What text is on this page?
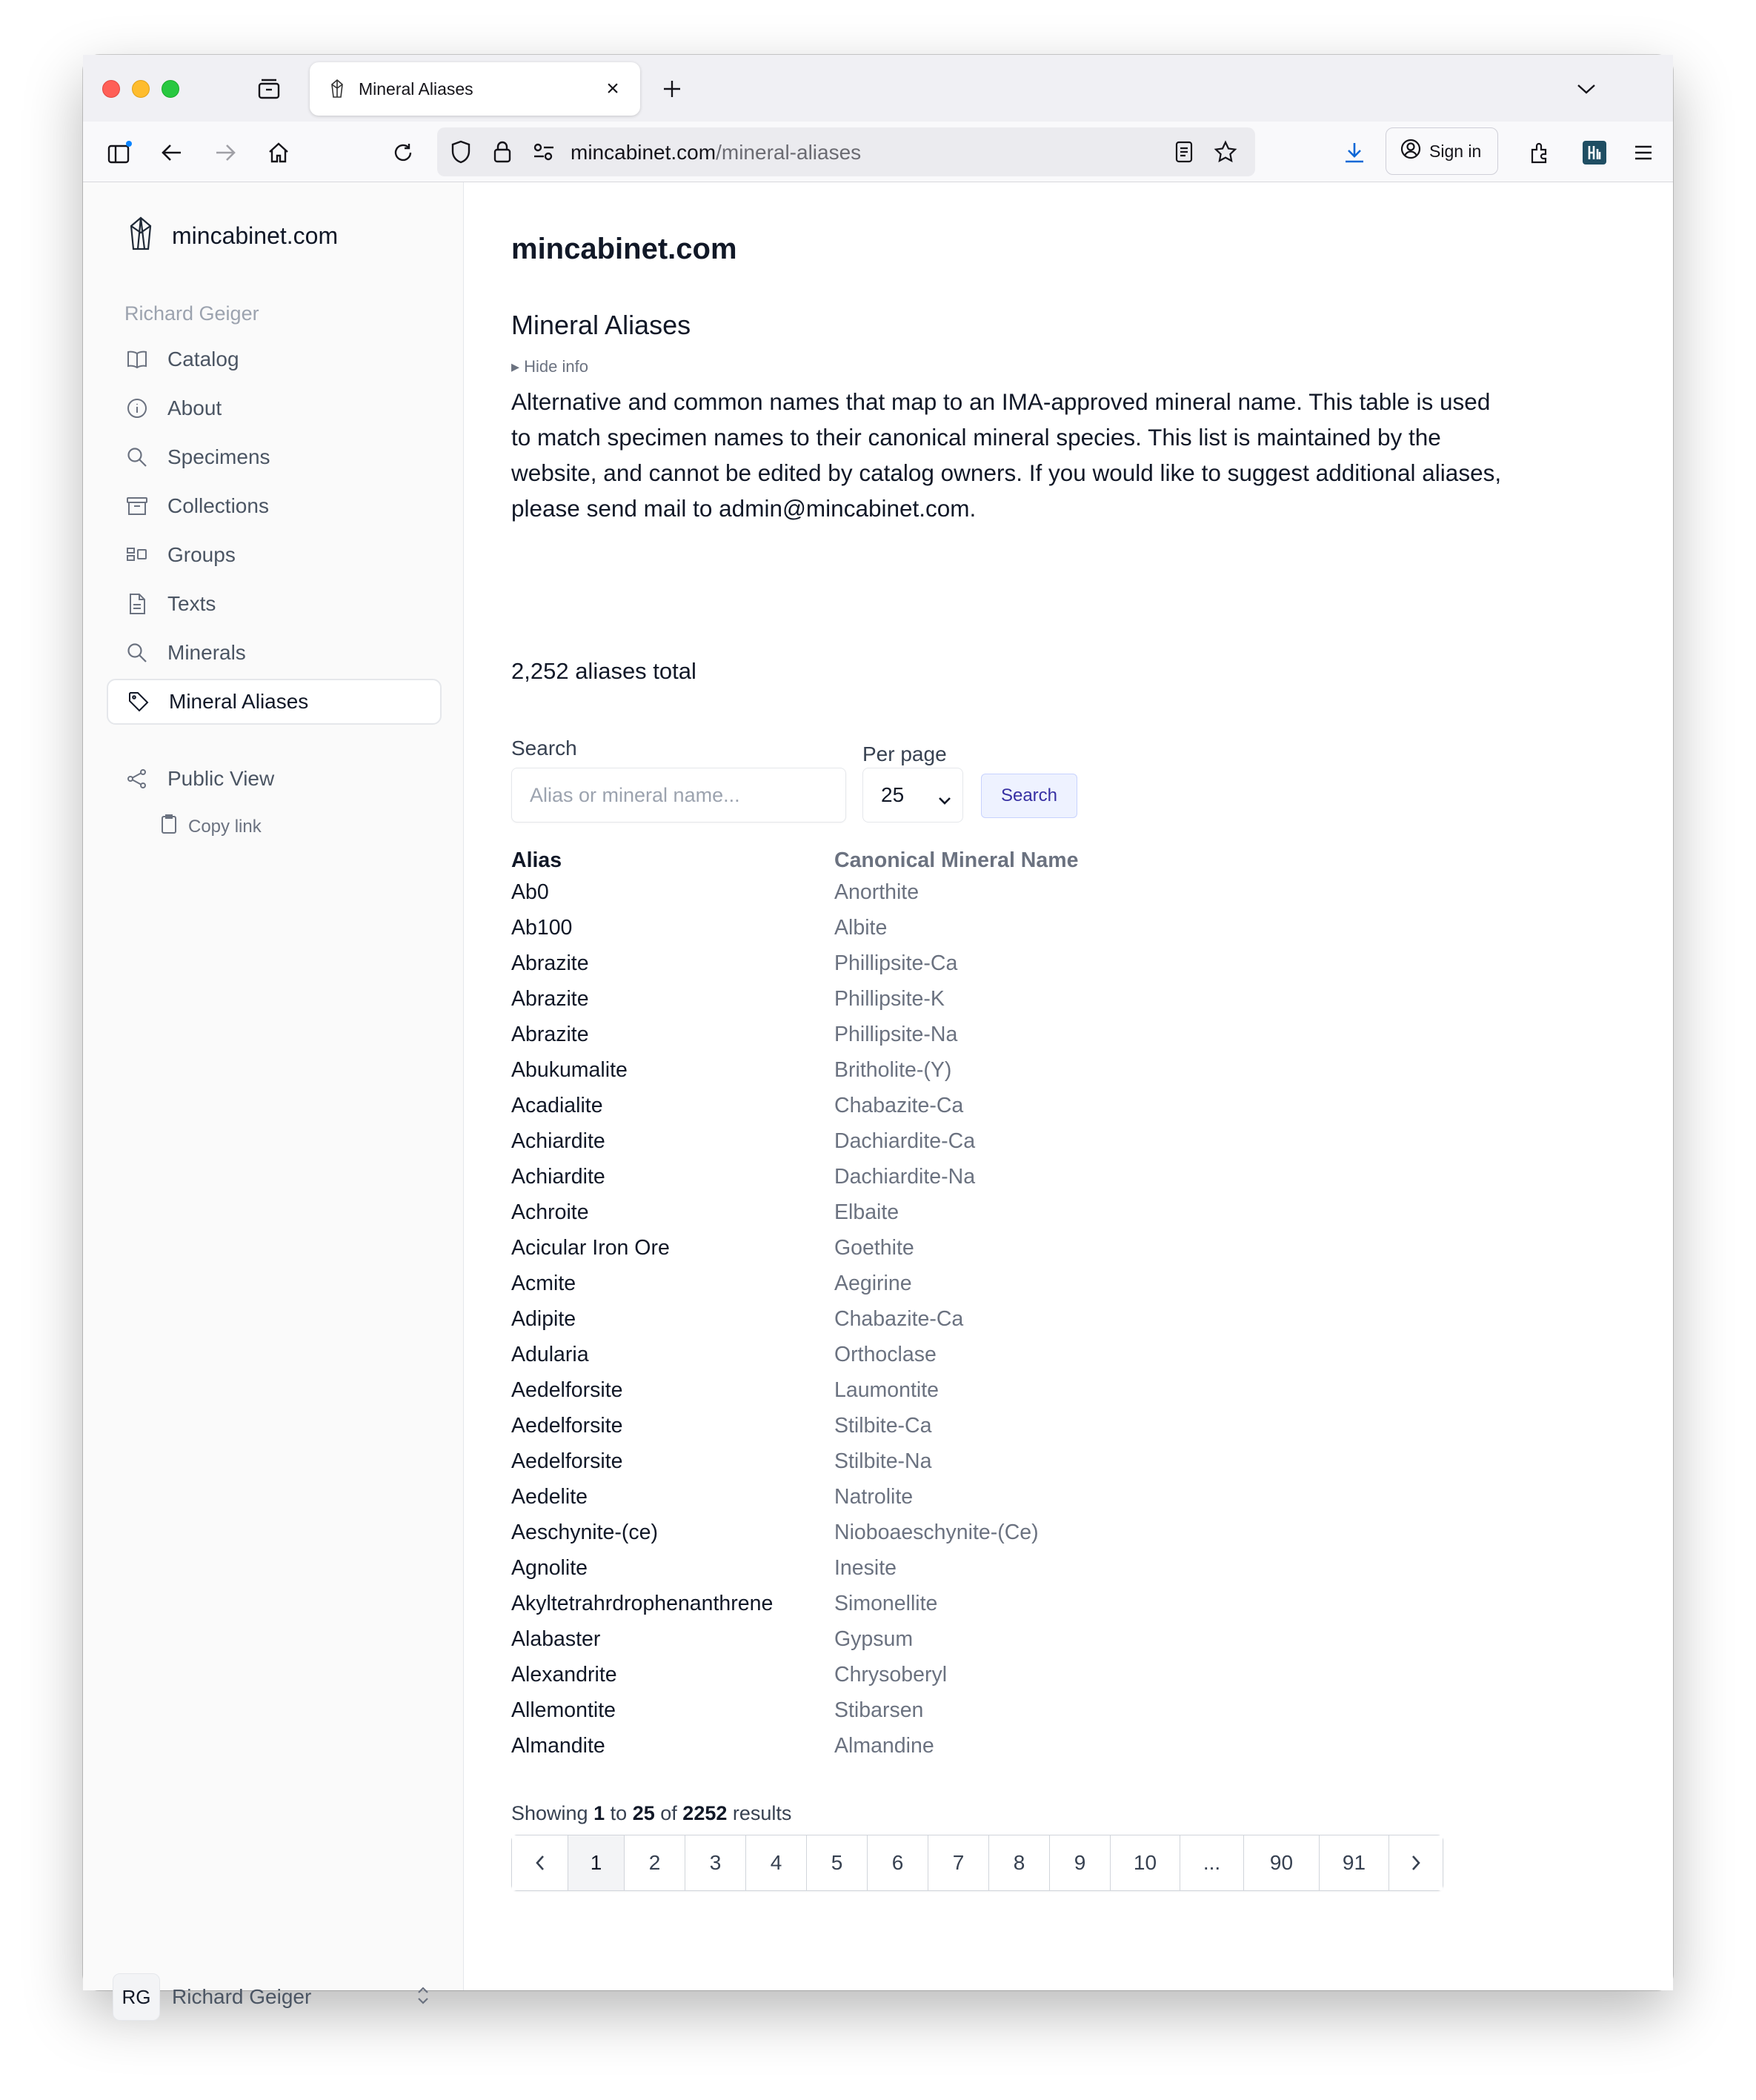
Mineral Aliases	×
mincabinet.com/mineral-aliases	Sign in
mincabinet.com
Richard Geiger
Catalog
About
Specimens
Collections
Groups
Texts
Minerals
Mineral Aliases
Public View
Copy link
RG	Richard Geiger
mincabinet.com
Mineral Aliases
▸ Hide info

Alternative and common names that map to an IMA-approved mineral name. This table is used to match specimen names to their canonical mineral species. This list is maintained by the website, and cannot be edited by catalog owners. If you would like to suggest additional aliases, please send mail to admin@mincabinet.com.

2,252 aliases total
Search
Alias or mineral name...	Per page
25	Search
Alias	Canonical Mineral Name
Ab0	Anorthite
Ab100	Albite
Abrazite	Phillipsite-Ca
Abrazite	Phillipsite-K
Abrazite	Phillipsite-Na
Abukumalite	Britholite-(Y)
Acadialite	Chabazite-Ca
Achiardite	Dachiardite-Ca
Achiardite	Dachiardite-Na
Achroite	Elbaite
Acicular Iron Ore	Goethite
Acmite	Aegirine
Adipite	Chabazite-Ca
Adularia	Orthoclase
Aedelforsite	Laumontite
Aedelforsite	Stilbite-Ca
Aedelforsite	Stilbite-Na
Aedelite	Natrolite
Aeschynite-(ce)	Nioboaeschynite-(Ce)
Agnolite	Inesite
Akyltetrahrdrophenanthrene	Simonellite
Alabaster	Gypsum
Alexandrite	Chrysoberyl
Allemontite	Stibarsen
Almandite	Almandine
Showing 1 to 25 of 2252 results
1	2	3	4	5	6	7	8	9	10	...	90	91
